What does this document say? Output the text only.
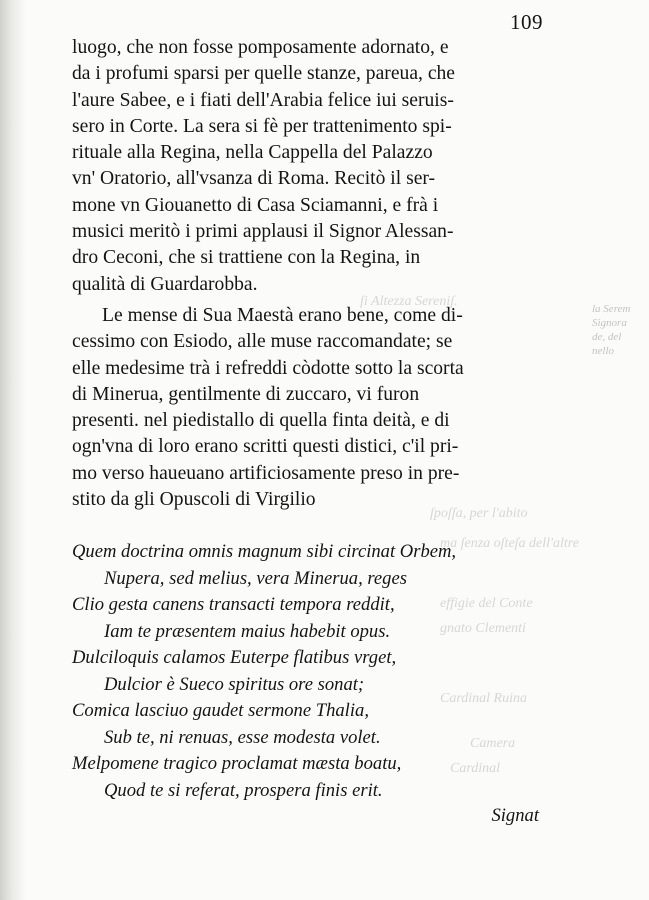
ſi Altezza Sereniſ.
ſpoſſa, per l'abito
ma ſenza oſteſa dell'altre
effigie del Conte
gnato Clementi
Cardinal Ruina
Camera
Cardinal
la Serem
Signora
de, del
nello
109
luogo, che non fosse pomposamente adornato, e
da i profumi sparsi per quelle stanze, pareua, che
l'aure Sabee, e i fiati dell'Arabia felice iui seruis-
sero in Corte. La sera si fè per trattenimento spi-
rituale alla Regina, nella Cappella del Palazzo
vn' Oratorio, all'vsanza di Roma. Recitò il ser-
mone vn Giouanetto di Casa Sciamanni, e frà i
musici meritò i primi applausi il Signor Alessan-
dro Ceconi, che si trattiene con la Regina, in
qualità di Guardarobba.
Le mense di Sua Maestà erano bene, come di-
cessimo con Esiodo, alle muse raccomandate; se
elle medesime trà i refreddi còdotte sotto la scorta
di Minerua, gentilmente di zuccaro, vi furon
presenti. nel piedistallo di quella finta deità, e di
ogn'vna di loro erano scritti questi distici, c'il pri-
mo verso haueuano artificiosamente preso in pre-
stito da gli Opuscoli di Virgilio
Quem doctrina omnis magnum sibi circinat Orbem,
Nupera, sed melius, vera Minerua, reges
Clio gesta canens transacti tempora reddit,
Iam te præsentem maius habebit opus.
Dulciloquis calamos Euterpe flatibus vrget,
Dulcior è Sueco spiritus ore sonat;
Comica lasciuo gaudet sermone Thalia,
Sub te, ni renuas, esse modesta volet.
Melpomene tragico proclamat mæsta boatu,
Quod te si referat, prospera finis erit.
Signat
